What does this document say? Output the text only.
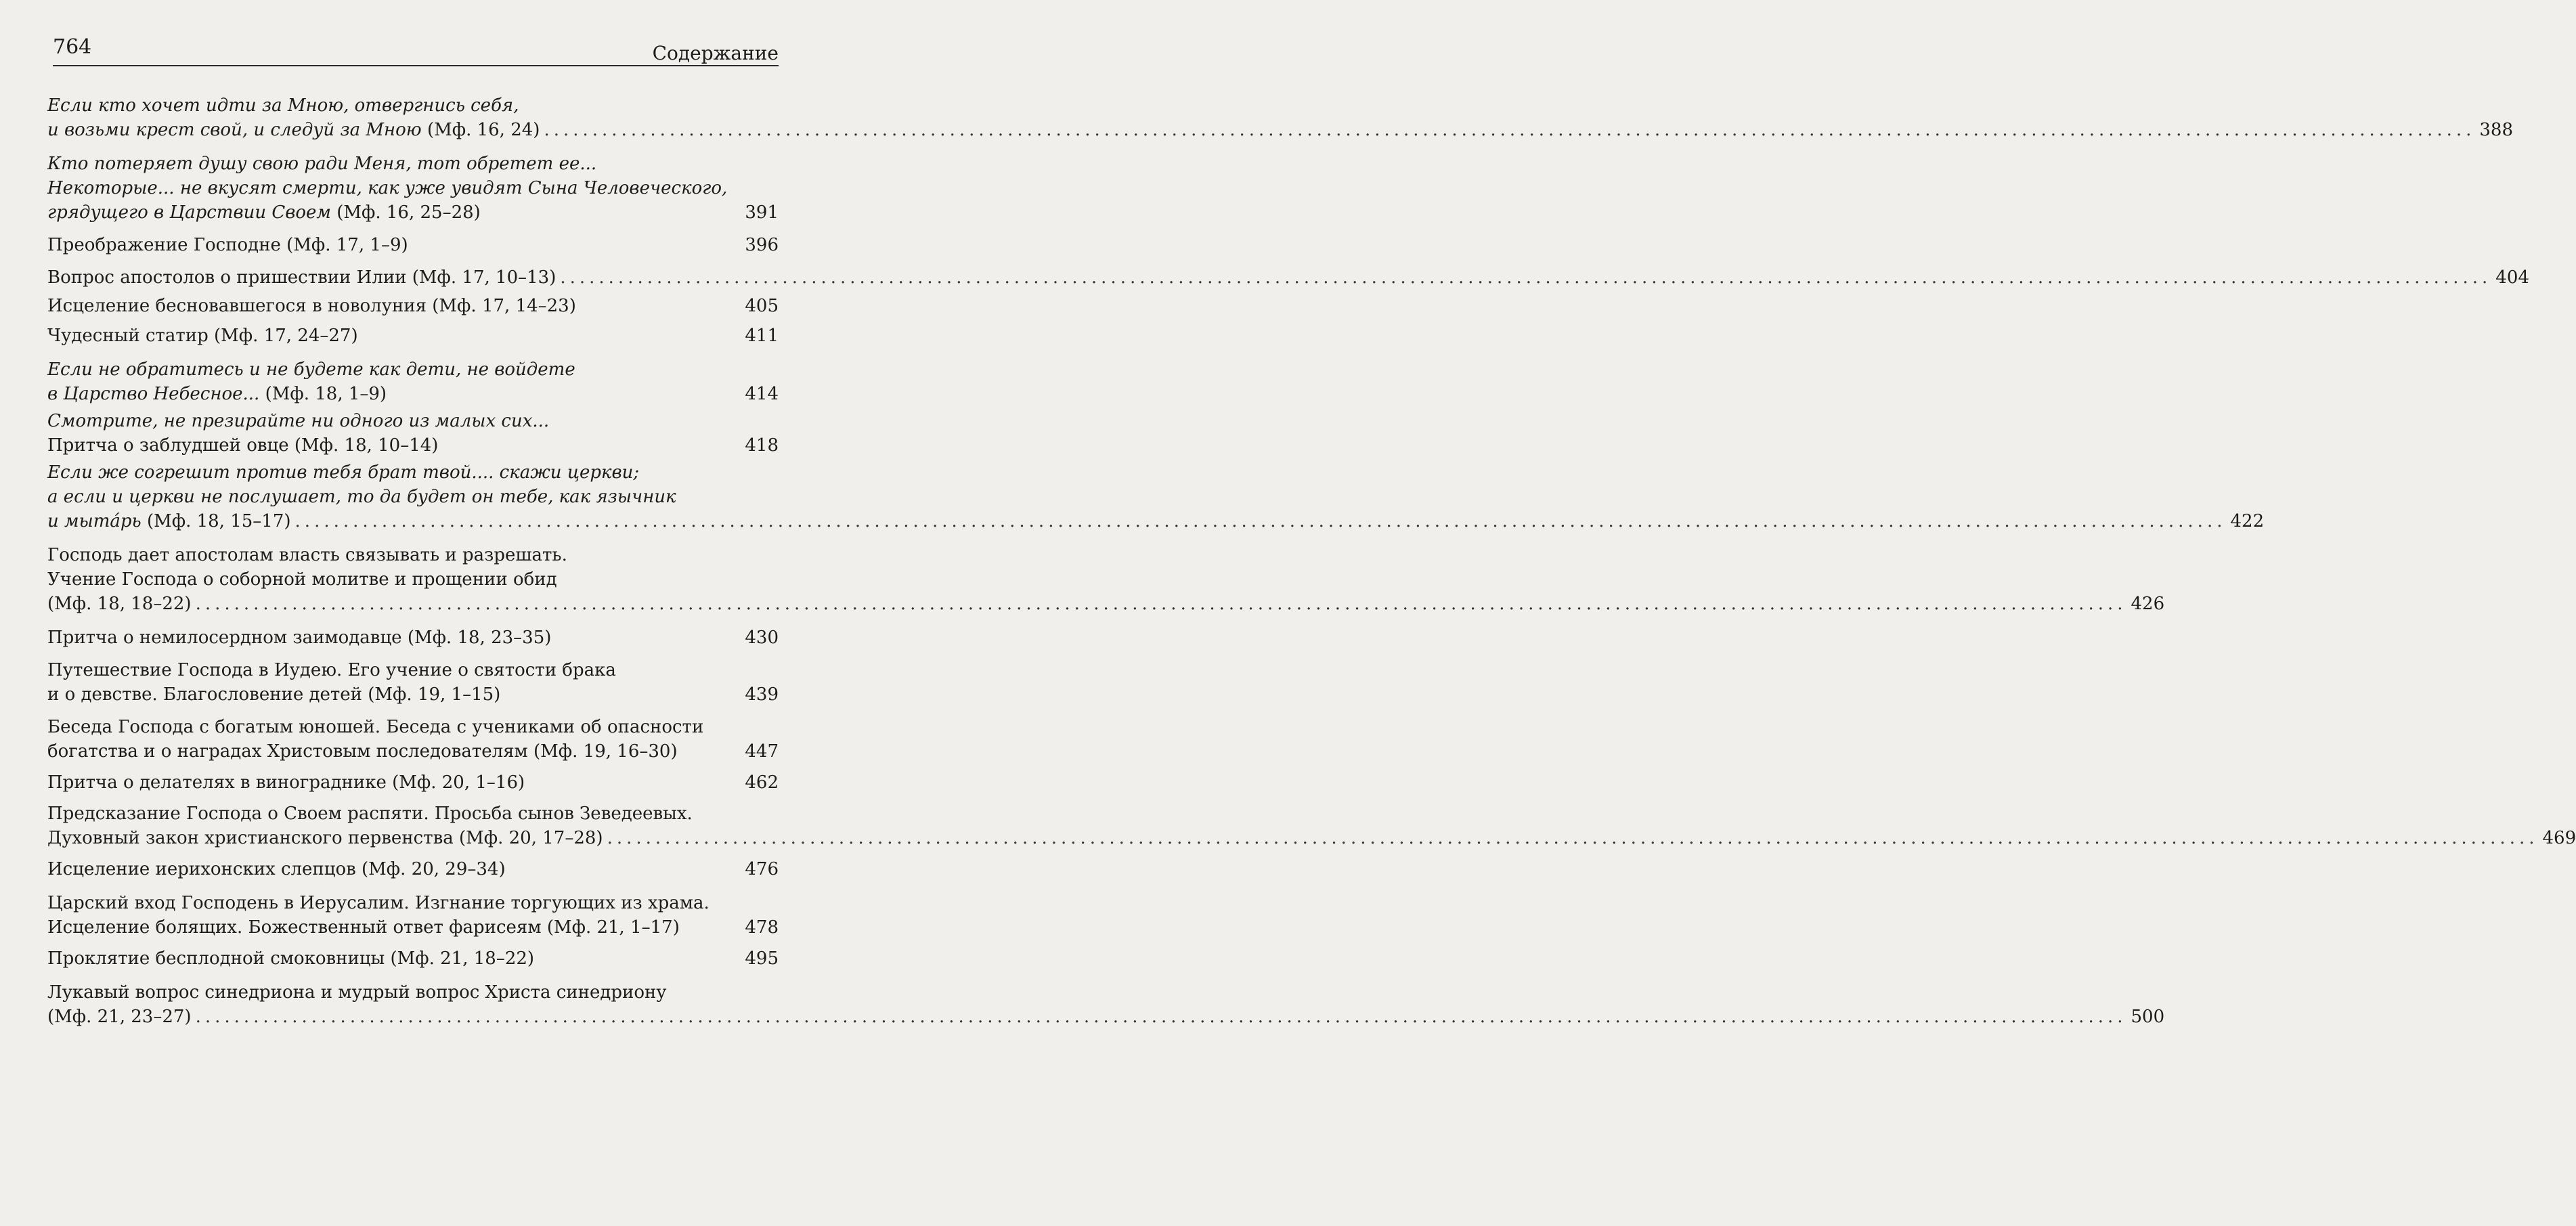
764	Содержание
Если кто хочет идти за Мною, отвергнись себя,
и возьми крест свой, и следуй за Мною (Мф. 16, 24) ........................................................................................................................................................................................................ 388
Кто потеряет душу свою ради Меня, тот обретет ее...
Некоторые... не вкусят смерти, как уже увидят Сына Человеческого,
грядущего в Царствии Своем (Мф. 16, 25–28)	391
Преображение Господне (Мф. 17, 1–9)	396
Вопрос апостолов о пришествии Илии (Мф. 17, 10–13) ........................................................................................................................................................................................................ 404
Исцеление бесновавшегося в новолуния (Мф. 17, 14–23)	405
Чудесный статир (Мф. 17, 24–27)	411
Если не обратитесь и не будете как дети, не войдете
в Царство Небесное... (Мф. 18, 1–9)	414
Смотрите, не презирайте ни одного из малых сих...
Притча о заблудшей овце (Мф. 18, 10–14)	418
Если же согрешит против тебя брат твой.... скажи церкви;
а если и церкви не послушает, то да будет он тебе, как язычник
и мытáрь (Мф. 18, 15–17) ........................................................................................................................................................................................................ 422
Господь дает апостолам власть связывать и разрешать.
Учение Господа о соборной молитве и прощении обид
(Мф. 18, 18–22) ........................................................................................................................................................................................................ 426
Притча о немилосердном заимодавце (Мф. 18, 23–35)	430
Путешествие Господа в Иудею. Его учение о святости брака
и о девстве. Благословение детей (Мф. 19, 1–15)	439
Беседа Господа с богатым юношей. Беседа с учениками об опасности
богатства и о наградах Христовым последователям (Мф. 19, 16–30)	447
Притча о делателях в винограднике (Мф. 20, 1–16)	462
Предсказание Господа о Своем распяти. Просьба сынов Зеведеевых.
Духовный закон христианского первенства (Мф. 20, 17–28) ........................................................................................................................................................................................................ 469
Исцеление иерихонских слепцов (Мф. 20, 29–34)	476
Царский вход Господень в Иерусалим. Изгнание торгующих из храма.
Исцеление болящих. Божественный ответ фарисеям (Мф. 21, 1–17)	478
Проклятие бесплодной смоковницы (Мф. 21, 18–22)	495
Лукавый вопрос синедриона и мудрый вопрос Христа синедриону
(Мф. 21, 23–27) ........................................................................................................................................................................................................ 500
